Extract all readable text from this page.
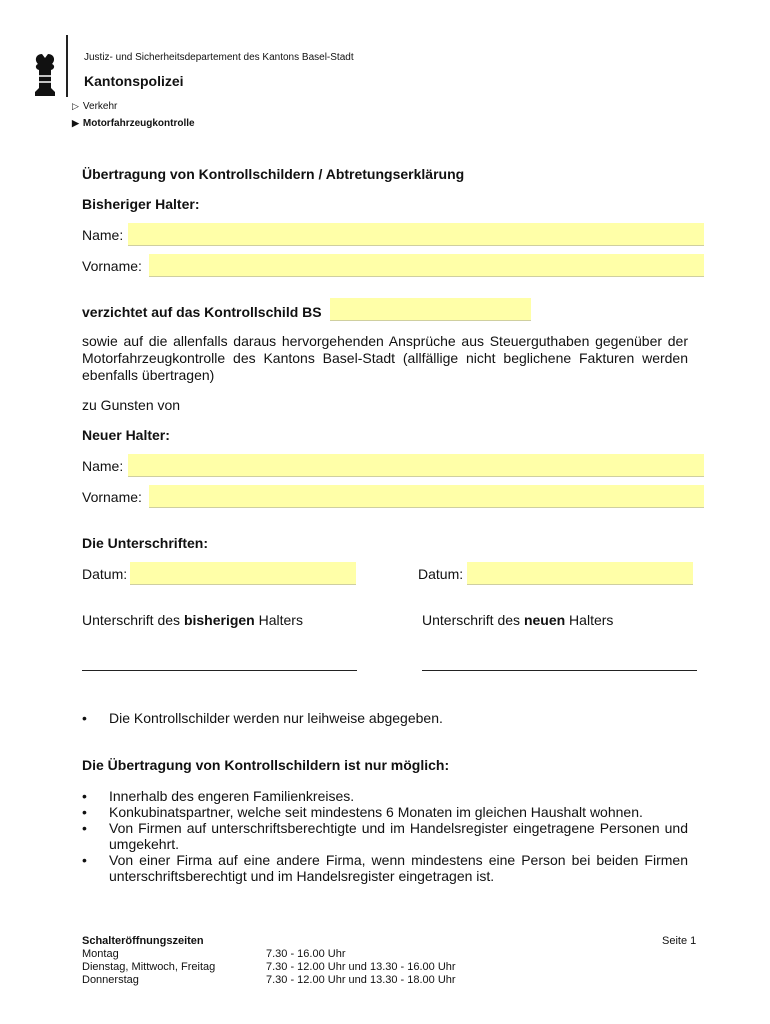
Justiz- und Sicherheitsdepartement des Kantons Basel-Stadt
Kantonspolizei
▷ Verkehr
▶ Motorfahrzeugkontrolle
Übertragung von Kontrollschildern / Abtretungserklärung
Bisheriger Halter:
Name:
Vorname:
verzichtet auf das Kontrollschild BS
sowie auf die allenfalls daraus hervorgehenden Ansprüche aus Steuerguthaben gegenüber der Motorfahrzeugkontrolle des Kantons Basel-Stadt (allfällige nicht beglichene Fakturen werden ebenfalls übertragen)
zu Gunsten von
Neuer Halter:
Name:
Vorname:
Die Unterschriften:
Datum:	Datum:
Unterschrift des bisherigen Halters	Unterschrift des neuen Halters
•	Die Kontrollschilder werden nur leihweise abgegeben.
Die Übertragung von Kontrollschildern ist nur möglich:
•	Innerhalb des engeren Familienkreises.
•	Konkubinatspartner, welche seit mindestens 6 Monaten im gleichen Haushalt wohnen.
•	Von Firmen auf unterschriftsberechtigte und im Handelsregister eingetragene Personen und umgekehrt.
•	Von einer Firma auf eine andere Firma, wenn mindestens eine Person bei beiden Firmen unterschriftsberechtigt und im Handelsregister eingetragen ist.
Schalteröffnungszeiten	Seite 1
Montag	7.30 - 16.00 Uhr
Dienstag, Mittwoch, Freitag	7.30 - 12.00 Uhr und 13.30 - 16.00 Uhr
Donnerstag	7.30 - 12.00 Uhr und 13.30 - 18.00 Uhr
